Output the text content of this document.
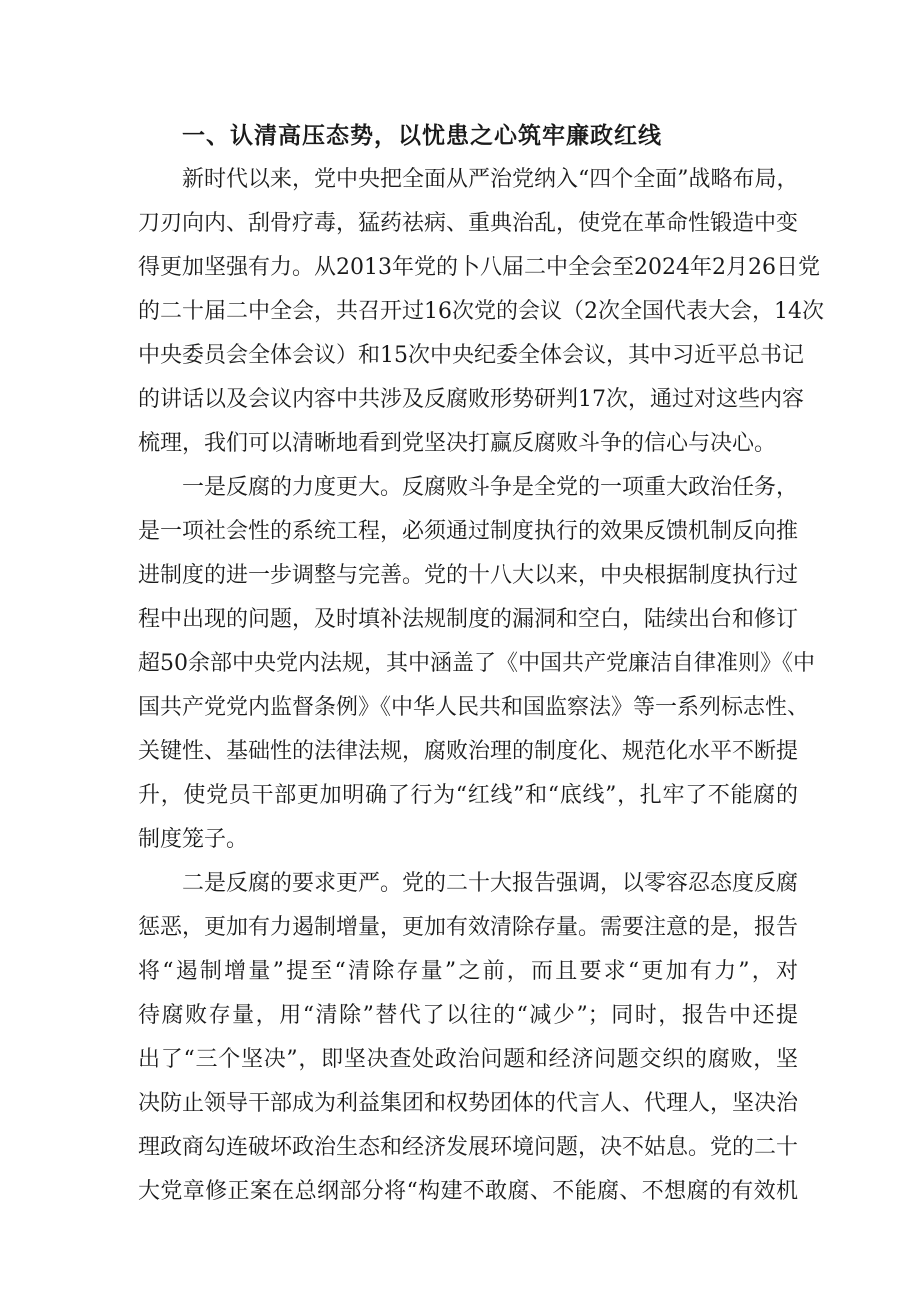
一、认清高压态势，以忧患之心筑牢廉政红线
新时代以来，党中央把全面从严治党纳入“四个全面”战略布局，
刀刃向内、刮骨疗毒，猛药祛病、重典治乱，使党在革命性锻造中变
得更加坚强有力。从2013年党的卜八届二中全会至2024年2月26日党
的二十届二中全会，共召开过16次党的会议（2次全国代表大会，14次
中央委员会全体会议）和15次中央纪委全体会议，其中习近平总书记
的讲话以及会议内容中共涉及反腐败形势研判17次，通过对这些内容
梳理，我们可以清晰地看到党坚决打赢反腐败斗争的信心与决心。
一是反腐的力度更大。反腐败斗争是全党的一项重大政治任务，
是一项社会性的系统工程，必须通过制度执行的效果反馈机制反向推
进制度的进一步调整与完善。党的十八大以来，中央根据制度执行过
程中出现的问题，及时填补法规制度的漏洞和空白，陆续出台和修订
超50余部中央党内法规，其中涵盖了《中国共产党廉洁自律准则》《中
国共产党党内监督条例》《中华人民共和国监察法》等一系列标志性、
关键性、基础性的法律法规，腐败治理的制度化、规范化水平不断提
升，使党员干部更加明确了行为“红线”和“底线”，扎牢了不能腐的
制度笼子。
二是反腐的要求更严。党的二十大报告强调，以零容忍态度反腐
惩恶，更加有力遏制增量，更加有效清除存量。需要注意的是，报告
将“遏制增量”提至“清除存量”之前，而且要求“更加有力”，对
待腐败存量，用“清除”替代了以往的“减少”；同时，报告中还提
出了“三个坚决”，即坚决查处政治问题和经济问题交织的腐败，坚
决防止领导干部成为利益集团和权势团体的代言人、代理人，坚决治
理政商勾连破坏政治生态和经济发展环境问题，决不姑息。党的二十
大党章修正案在总纲部分将“构建不敢腐、不能腐、不想腐的有效机
